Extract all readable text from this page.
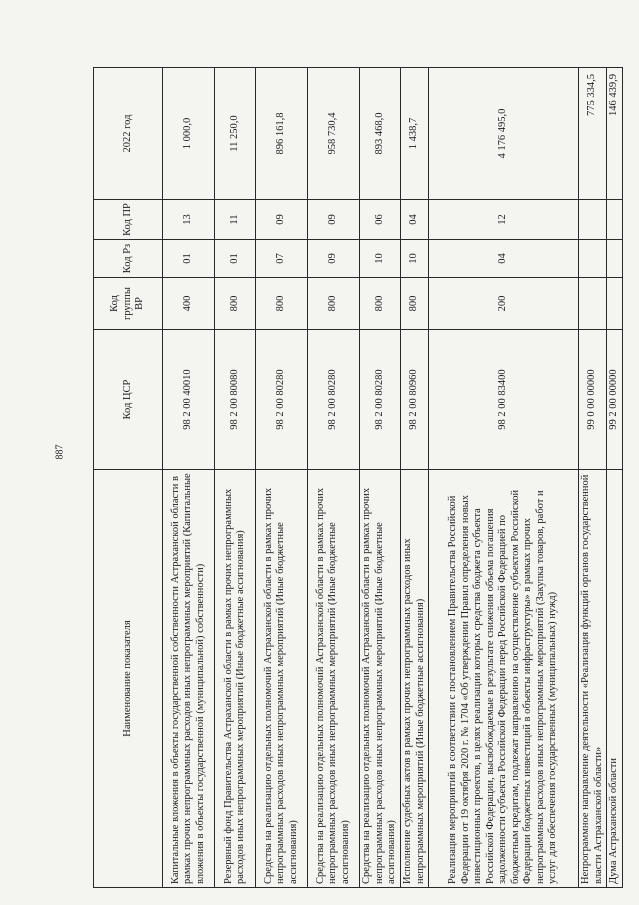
887
Наименование показателя	Код ЦСР	Код группы ВР	Код Рз	Код ПР	2022 год
Капитальные вложения в объекты государственной собственности Астраханской области в рамках прочих непрограммных расходов иных непрограммных мероприятий (Капитальные вложения в объекты государственной (муниципальной) собственности)	98 2 00 40010	400	01	13	1 000,0
Резервный фонд Правительства Астраханской области в рамках прочих непрограммных расходов иных непрограммных мероприятий (Иные бюджетные ассигнования)	98 2 00 80080	800	01	11	11 250,0
Средства на реализацию отдельных полномочий Астраханской области в рамках прочих непрограммных расходов иных непрограммных мероприятий (Иные бюджетные ассигнования)	98 2 00 80280	800	07	09	896 161,8
Средства на реализацию отдельных полномочий Астраханской области в рамках прочих непрограммных расходов иных непрограммных мероприятий (Иные бюджетные ассигнования)	98 2 00 80280	800	09	09	958 730,4
Средства на реализацию отдельных полномочий Астраханской области в рамках прочих непрограммных расходов иных непрограммных мероприятий (Иные бюджетные ассигнования)	98 2 00 80280	800	10	06	893 468,0
Исполнение судебных актов в рамках прочих непрограммных расходов иных непрограммных мероприятий (Иные бюджетные ассигнования)	98 2 00 80960	800	10	04	1 438,7
Реализация мероприятий в соответствии с постановлением Правительства Российской Федерации от 19 октября 2020 г. № 1704 «Об утверждении Правил определения новых инвестиционных проектов, в целях реализации которых средства бюджета субъекта Российской Федерации, высвобождаемые в результате снижения объема погашения задолженности субъекта Российской Федерации перед Российской Федерацией по бюджетным кредитам, подлежат направлению на осуществление субъектом Российской Федерации бюджетных инвестиций в объекты инфраструктуры» в рамках прочих непрограммных расходов иных непрограммных мероприятий (Закупка товаров, работ и услуг для обеспечения государственных (муниципальных) нужд)	98 2 00 83400	200	04	12	4 176 495,0
Непрограммное направление деятельности «Реализация функций органов государственной власти Астраханской области»	99 0 00 00000				775 334,5
Дума Астраханской области	99 2 00 00000				146 439,9
